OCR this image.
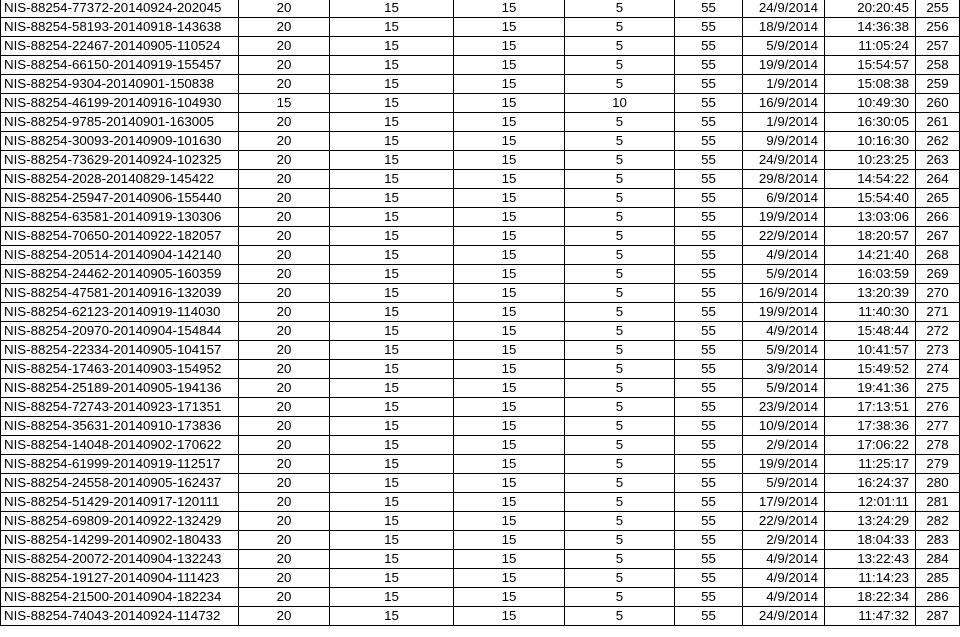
NIS-88254-77372-20140924-202045	20	15	15	5	55	24/9/2014	20:20:45	255
NIS-88254-58193-20140918-143638	20	15	15	5	55	18/9/2014	14:36:38	256
NIS-88254-22467-20140905-110524	20	15	15	5	55	5/9/2014	11:05:24	257
NIS-88254-66150-20140919-155457	20	15	15	5	55	19/9/2014	15:54:57	258
NIS-88254-9304-20140901-150838	20	15	15	5	55	1/9/2014	15:08:38	259
NIS-88254-46199-20140916-104930	15	15	15	10	55	16/9/2014	10:49:30	260
NIS-88254-9785-20140901-163005	20	15	15	5	55	1/9/2014	16:30:05	261
NIS-88254-30093-20140909-101630	20	15	15	5	55	9/9/2014	10:16:30	262
NIS-88254-73629-20140924-102325	20	15	15	5	55	24/9/2014	10:23:25	263
NIS-88254-2028-20140829-145422	20	15	15	5	55	29/8/2014	14:54:22	264
NIS-88254-25947-20140906-155440	20	15	15	5	55	6/9/2014	15:54:40	265
NIS-88254-63581-20140919-130306	20	15	15	5	55	19/9/2014	13:03:06	266
NIS-88254-70650-20140922-182057	20	15	15	5	55	22/9/2014	18:20:57	267
NIS-88254-20514-20140904-142140	20	15	15	5	55	4/9/2014	14:21:40	268
NIS-88254-24462-20140905-160359	20	15	15	5	55	5/9/2014	16:03:59	269
NIS-88254-47581-20140916-132039	20	15	15	5	55	16/9/2014	13:20:39	270
NIS-88254-62123-20140919-114030	20	15	15	5	55	19/9/2014	11:40:30	271
NIS-88254-20970-20140904-154844	20	15	15	5	55	4/9/2014	15:48:44	272
NIS-88254-22334-20140905-104157	20	15	15	5	55	5/9/2014	10:41:57	273
NIS-88254-17463-20140903-154952	20	15	15	5	55	3/9/2014	15:49:52	274
NIS-88254-25189-20140905-194136	20	15	15	5	55	5/9/2014	19:41:36	275
NIS-88254-72743-20140923-171351	20	15	15	5	55	23/9/2014	17:13:51	276
NIS-88254-35631-20140910-173836	20	15	15	5	55	10/9/2014	17:38:36	277
NIS-88254-14048-20140902-170622	20	15	15	5	55	2/9/2014	17:06:22	278
NIS-88254-61999-20140919-112517	20	15	15	5	55	19/9/2014	11:25:17	279
NIS-88254-24558-20140905-162437	20	15	15	5	55	5/9/2014	16:24:37	280
NIS-88254-51429-20140917-120111	20	15	15	5	55	17/9/2014	12:01:11	281
NIS-88254-69809-20140922-132429	20	15	15	5	55	22/9/2014	13:24:29	282
NIS-88254-14299-20140902-180433	20	15	15	5	55	2/9/2014	18:04:33	283
NIS-88254-20072-20140904-132243	20	15	15	5	55	4/9/2014	13:22:43	284
NIS-88254-19127-20140904-111423	20	15	15	5	55	4/9/2014	11:14:23	285
NIS-88254-21500-20140904-182234	20	15	15	5	55	4/9/2014	18:22:34	286
NIS-88254-74043-20140924-114732	20	15	15	5	55	24/9/2014	11:47:32	287
